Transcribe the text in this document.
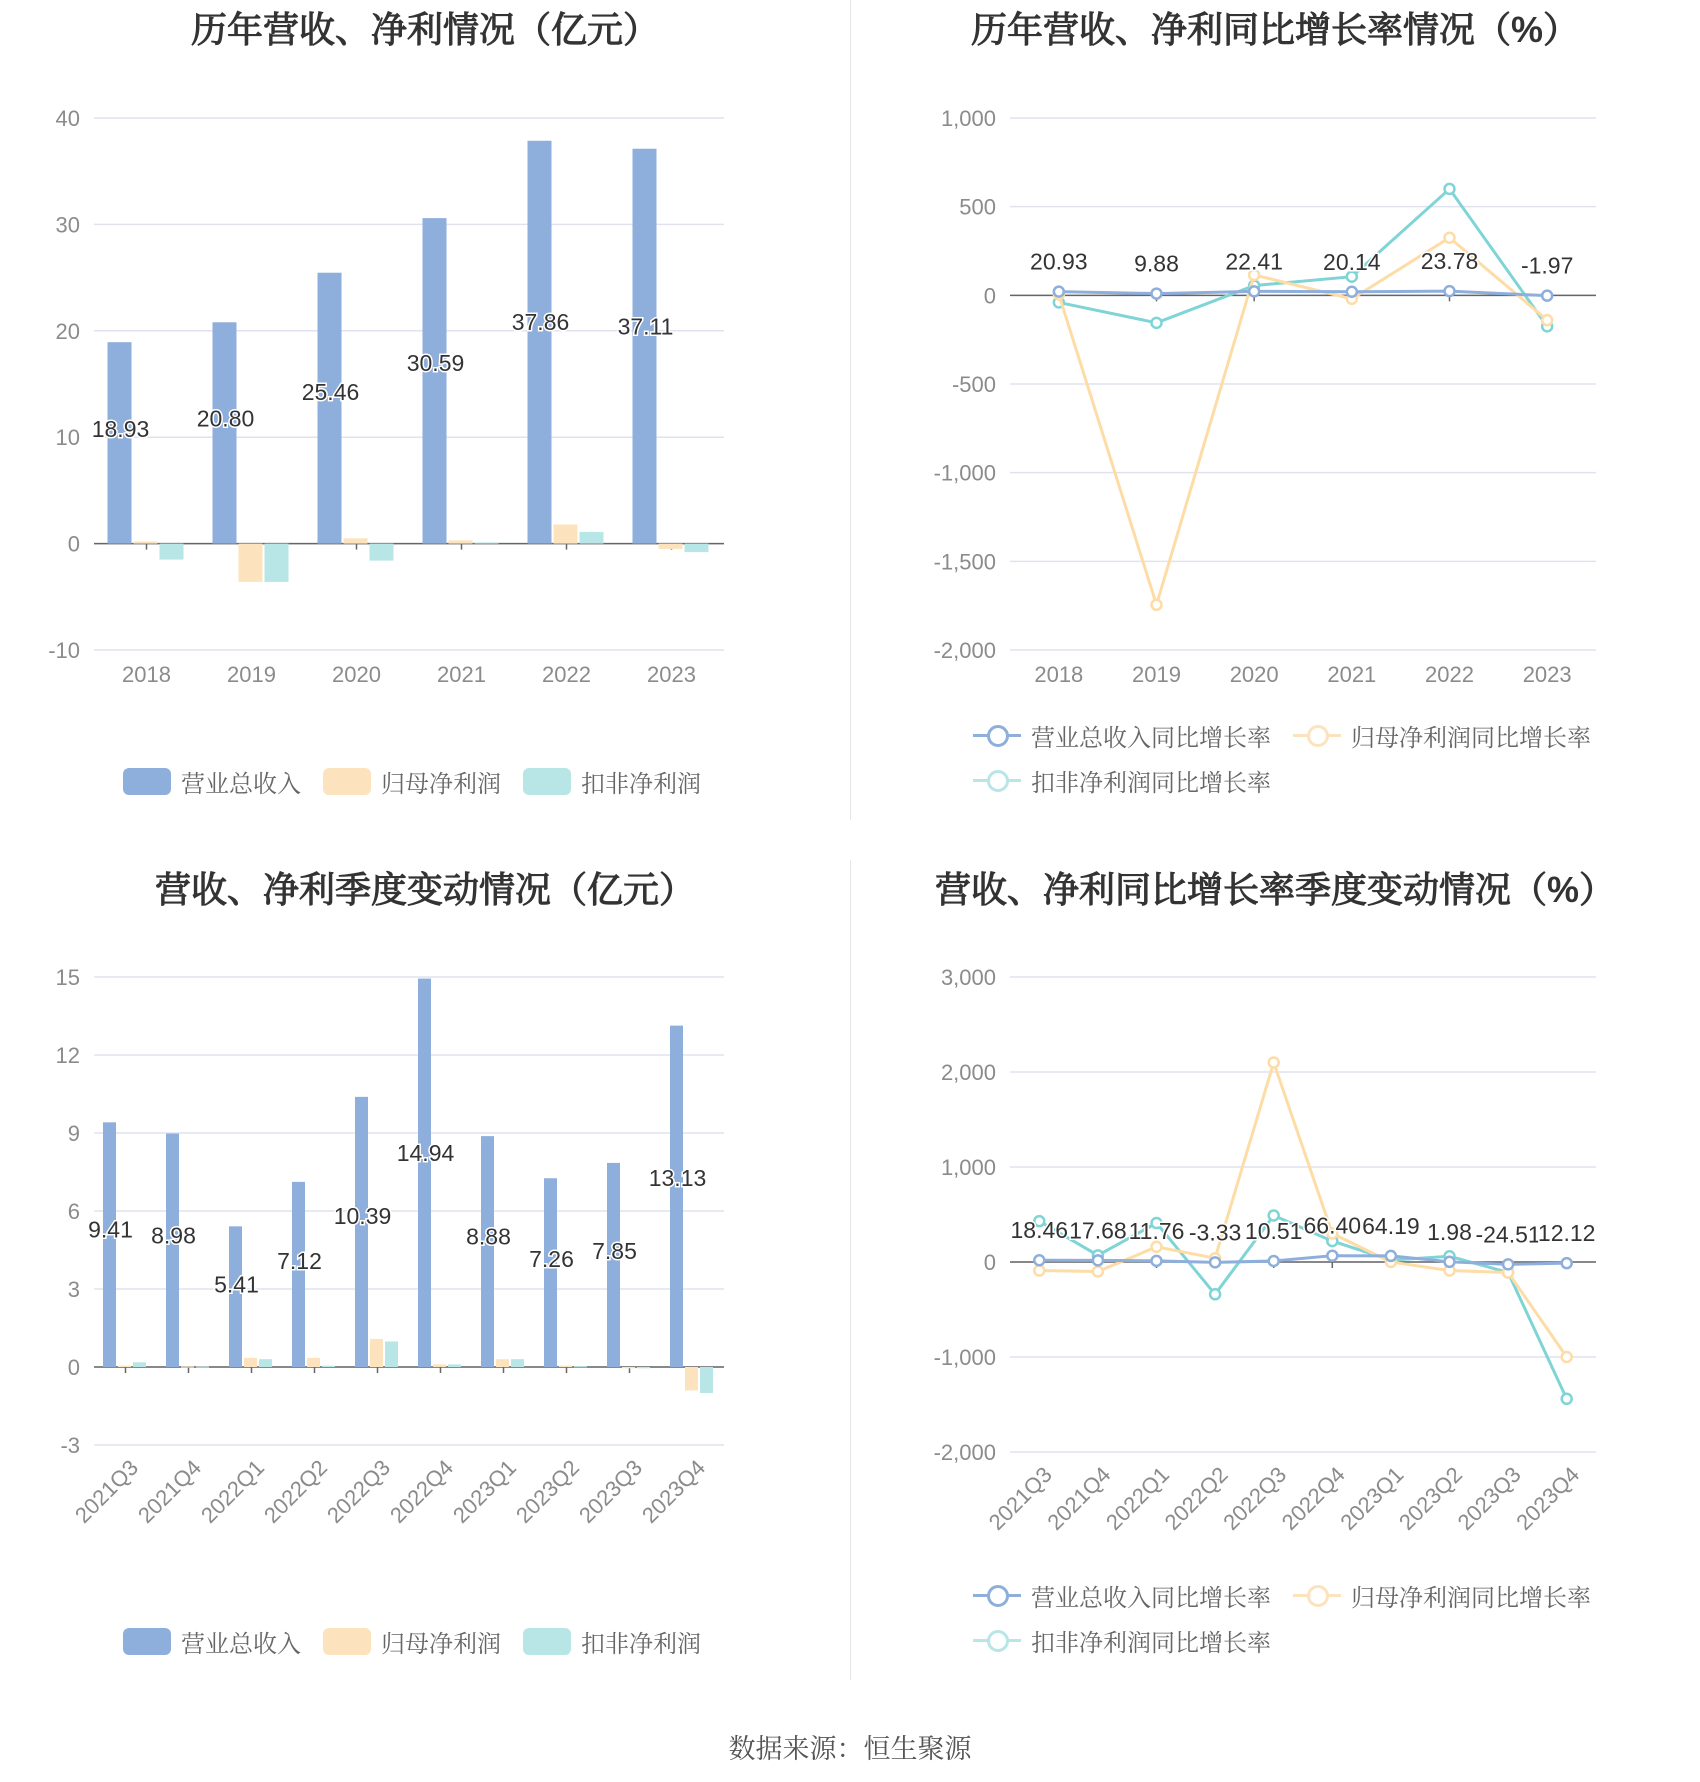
历年营收、净利情况（亿元）
-10
0
10
20
30
40
2018	2019	2020	2021	2022	2023
18.93 20.80
25.46
30.59
37.86 37.11
营业总收入	归母净利润	扣非净利润
历年营收、净利同比增长率情况（%）
-2,000
-1,500
-1,000
-500
0
500
1,000
2018 2019 2020 2021 2022 2023
20.93 9.88 22.41 20.14 23.78 -1.97
营业总收入同比增长率	归母净利润同比增长率
扣非净利润同比增长率
营收、净利季度变动情况（亿元）
-3
0
3
6
9
12
15
2021Q3
2021Q4
2022Q1
2022Q2
2022Q3
2022Q4
2023Q1
2023Q2
2023Q3
2023Q4
9.41 8.98
5.41
7.12
10.39
14.94
8.88
7.26 7.85
13.13
营业总收入	归母净利润	扣非净利润
营收、净利同比增长率季度变动情况（%）
-2,000
-1,000
0
1,000
2,000
3,000
2021Q3
2021Q4
2022Q1
2022Q2
2022Q3
2022Q4
2023Q1
2023Q2
2023Q3
2023Q4
18.46 17.68 11.76 -3.33 10.51 66.40 64.19 1.98 -24.51
12.12
营业总收入同比增长率	归母净利润同比增长率
扣非净利润同比增长率
数据来源：恒生聚源
